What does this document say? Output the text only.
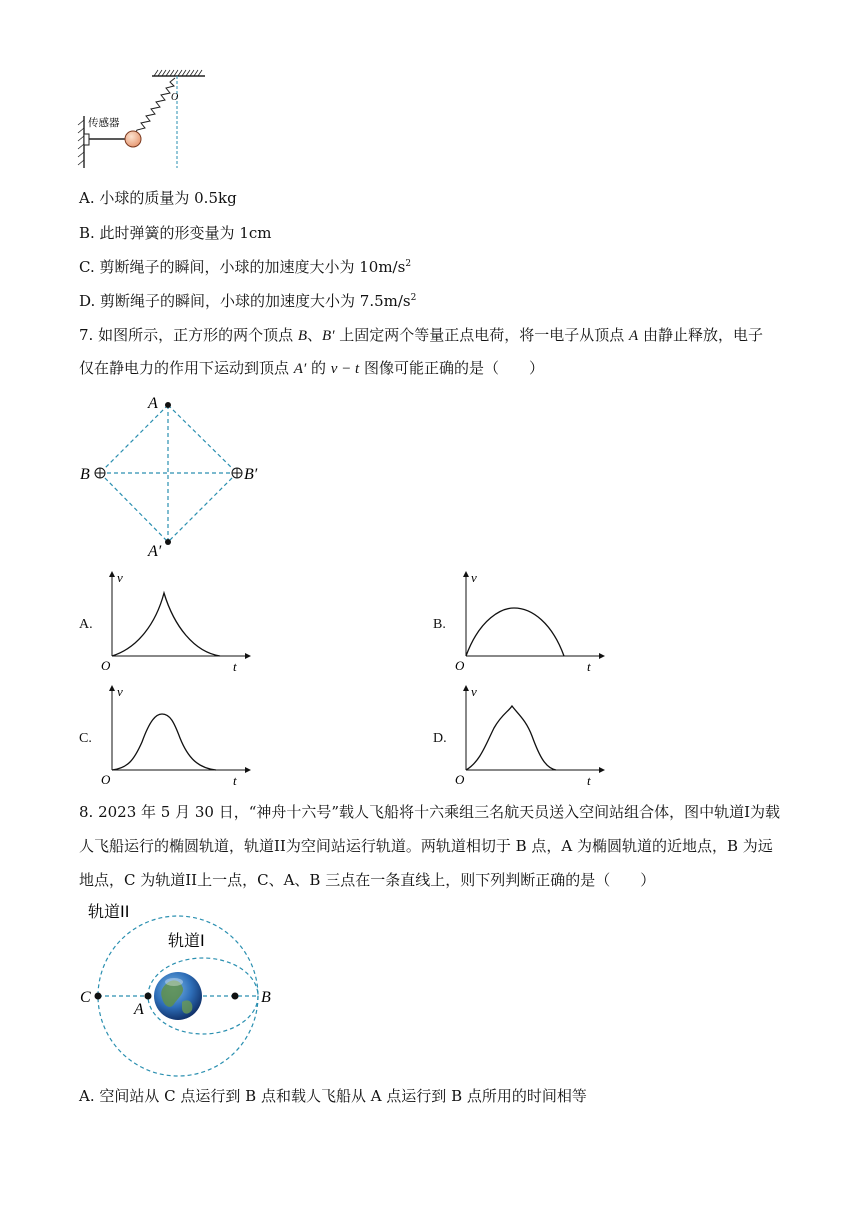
传感器
O
A. 小球的质量为 0.5kg
B. 此时弹簧的形变量为 1cm
C. 剪断绳子的瞬间，小球的加速度大小为 $10m/s^2$
D. 剪断绳子的瞬间，小球的加速度大小为 $7.5m/s^2$
7. 如图所示，正方形的两个顶点 B、B′ 上固定两个等量正点电荷，将一电子从顶点 A 由静止释放，电子
仅在静电力的作用下运动到顶点 A′ 的 v − t 图像可能正确的是（　　）
A
B	B′
A′
A.
v
t
O
B.
v
t
O
C.
v
t
O
D.
v
t
O
8. 2023 年 5 月 30 日，“神舟十六号”载人飞船将十六乘组三名航天员送入空间站组合体，图中轨道I为载
人飞船运行的椭圆轨道，轨道II为空间站运行轨道。两轨道相切于 B 点，A 为椭圆轨道的近地点，B 为远
地点，C 为轨道II上一点，C、A、B 三点在一条直线上，则下列判断正确的是（　　）
轨道II
轨道I
C
A
B
A. 空间站从 C 点运行到 B 点和载人飞船从 A 点运行到 B 点所用的时间相等
